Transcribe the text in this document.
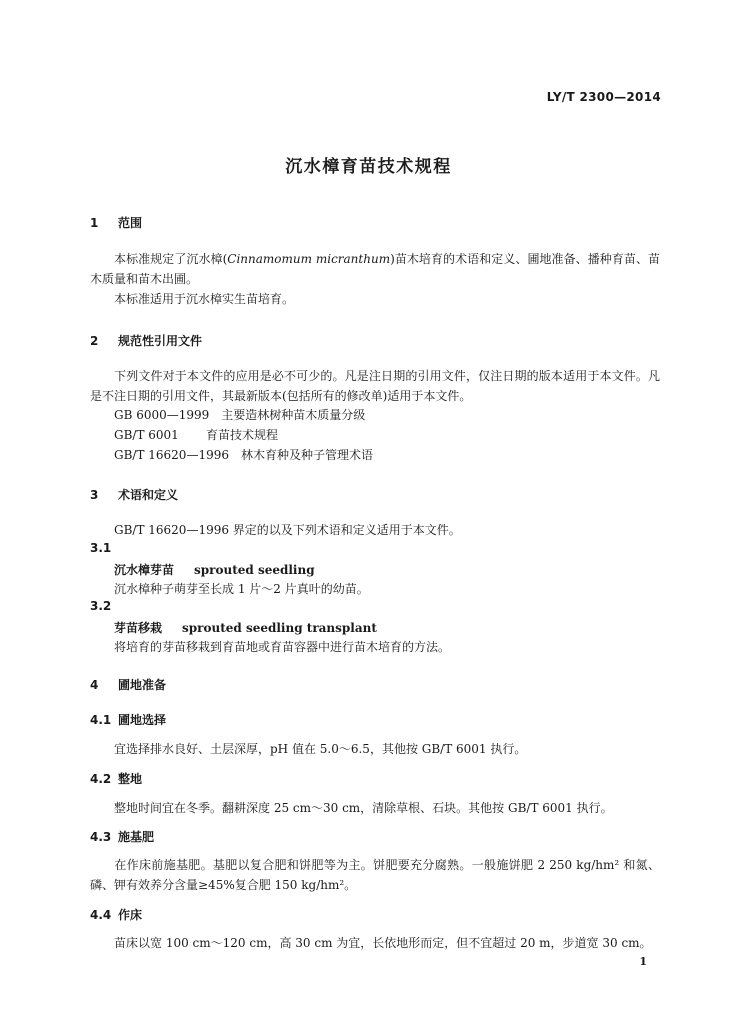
LY/T 2300—2014
沉水樟育苗技术规程
1 范围
本标准规定了沉水樟(Cinnamomum micranthum)苗木培育的术语和定义、圃地准备、播种育苗、苗木质量和苗木出圃。
本标准适用于沉水樟实生苗培育。
2 规范性引用文件
下列文件对于本文件的应用是必不可少的。凡是注日期的引用文件，仅注日期的版本适用于本文件。凡是不注日期的引用文件，其最新版本(包括所有的修改单)适用于本文件。
GB 6000—1999 主要造林树种苗木质量分级
GB/T 6001 育苗技术规程
GB/T 16620—1996 林木育种及种子管理术语
3 术语和定义
GB/T 16620—1996 界定的以及下列术语和定义适用于本文件。
3.1
沉水樟芽苗 sprouted seedling
沉水樟种子萌芽至长成 1 片～2 片真叶的幼苗。
3.2
芽苗移栽 sprouted seedling transplant
将培育的芽苗移栽到育苗地或育苗容器中进行苗木培育的方法。
4 圃地准备
4.1 圃地选择
宜选择排水良好、土层深厚，pH 值在 5.0～6.5，其他按 GB/T 6001 执行。
4.2 整地
整地时间宜在冬季。翻耕深度 25 cm～30 cm，清除草根、石块。其他按 GB/T 6001 执行。
4.3 施基肥
在作床前施基肥。基肥以复合肥和饼肥等为主。饼肥要充分腐熟。一般施饼肥 2 250 kg/hm² 和氮、磷、钾有效养分含量≥45%复合肥 150 kg/hm²。
4.4 作床
苗床以宽 100 cm～120 cm，高 30 cm 为宜，长依地形而定，但不宜超过 20 m，步道宽 30 cm。
1
